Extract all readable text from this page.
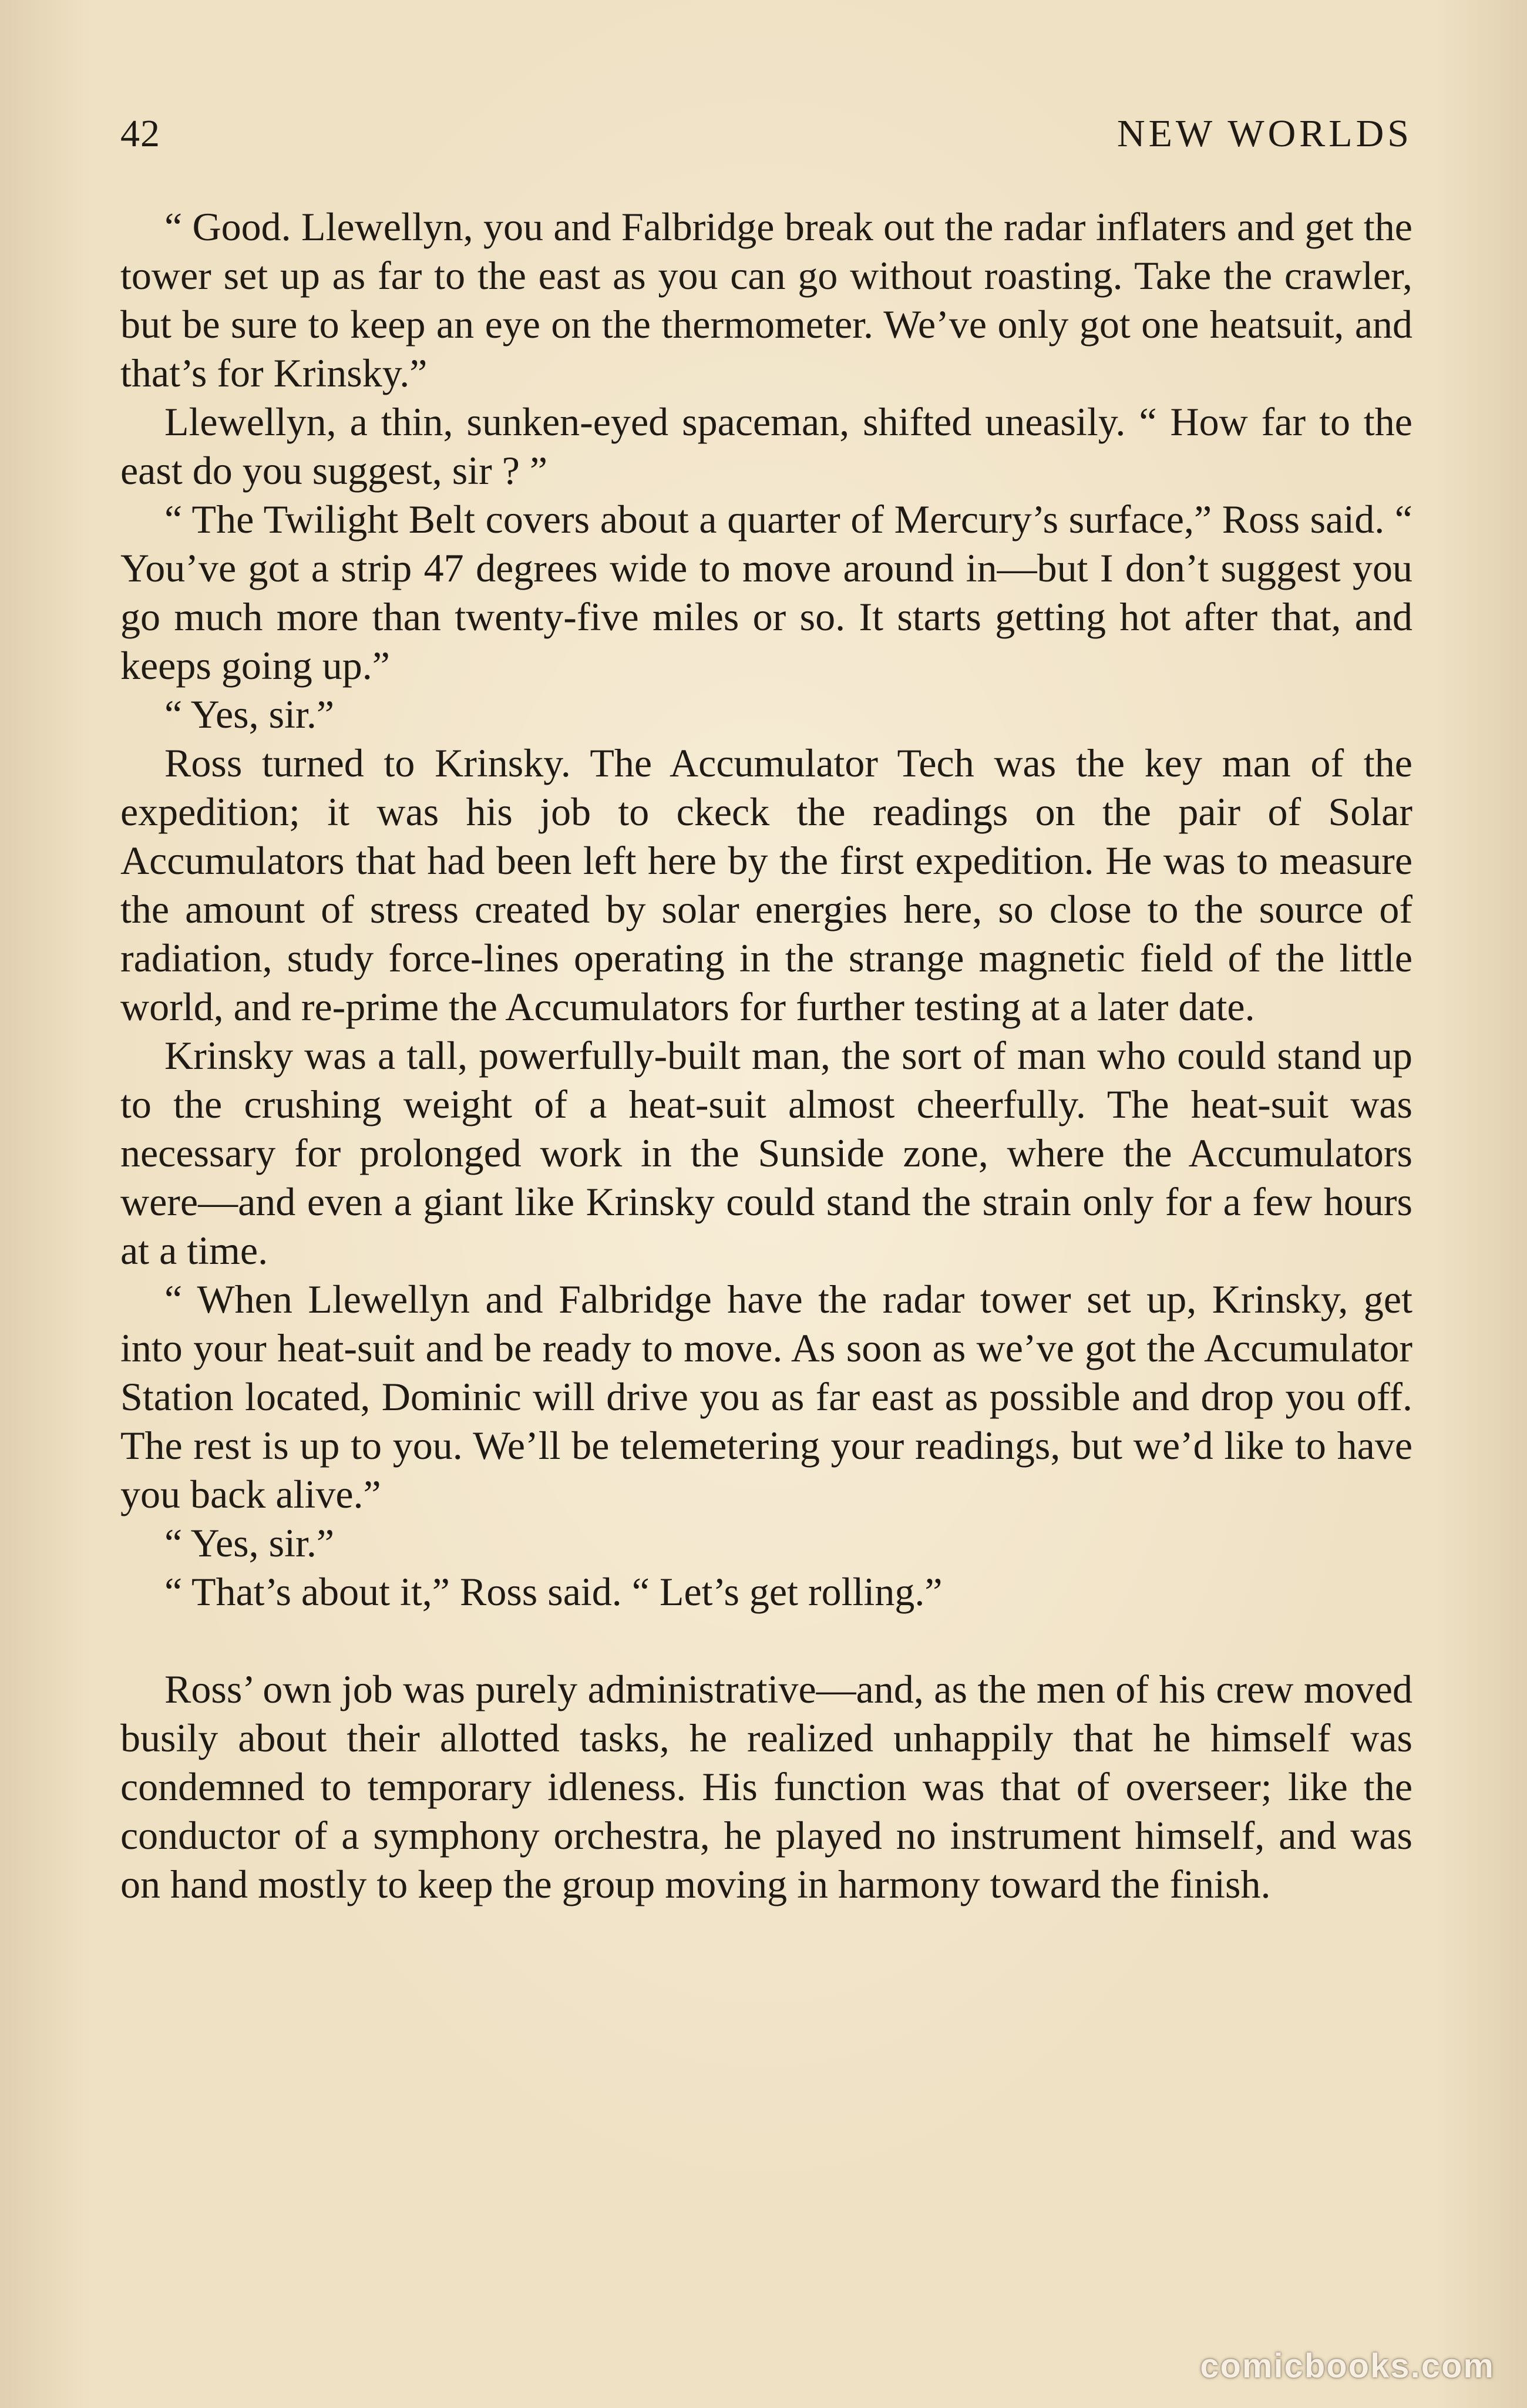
42	NEW WORLDS

“ Good. Llewellyn, you and Falbridge break out the radar inflaters and get the tower set up as far to the east as you can go without roasting. Take the crawler, but be sure to keep an eye on the thermometer. We’ve only got one heatsuit, and that’s for Krinsky.”

Llewellyn, a thin, sunken-eyed spaceman, shifted uneasily. “ How far to the east do you suggest, sir ? ”

“ The Twilight Belt covers about a quarter of Mercury’s surface,” Ross said. “ You’ve got a strip 47 degrees wide to move around in—but I don’t suggest you go much more than twenty-five miles or so. It starts getting hot after that, and keeps going up.”

“ Yes, sir.”

Ross turned to Krinsky. The Accumulator Tech was the key man of the expedition; it was his job to ckeck the readings on the pair of Solar Accumulators that had been left here by the first expedition. He was to measure the amount of stress created by solar energies here, so close to the source of radiation, study force-lines operating in the strange magnetic field of the little world, and re-prime the Accumulators for further testing at a later date.

Krinsky was a tall, powerfully-built man, the sort of man who could stand up to the crushing weight of a heat-suit almost cheerfully. The heat-suit was necessary for prolonged work in the Sunside zone, where the Accumulators were—and even a giant like Krinsky could stand the strain only for a few hours at a time.

“ When Llewellyn and Falbridge have the radar tower set up, Krinsky, get into your heat-suit and be ready to move. As soon as we’ve got the Accumulator Station located, Dominic will drive you as far east as possible and drop you off. The rest is up to you. We’ll be telemetering your readings, but we’d like to have you back alive.”

“ Yes, sir.”

“ That’s about it,” Ross said. “ Let’s get rolling.”

Ross’ own job was purely administrative—and, as the men of his crew moved busily about their allotted tasks, he realized unhappily that he himself was condemned to temporary idleness. His function was that of overseer; like the conductor of a symphony orchestra, he played no instrument himself, and was on hand mostly to keep the group moving in harmony toward the finish.

comicbooks.com
